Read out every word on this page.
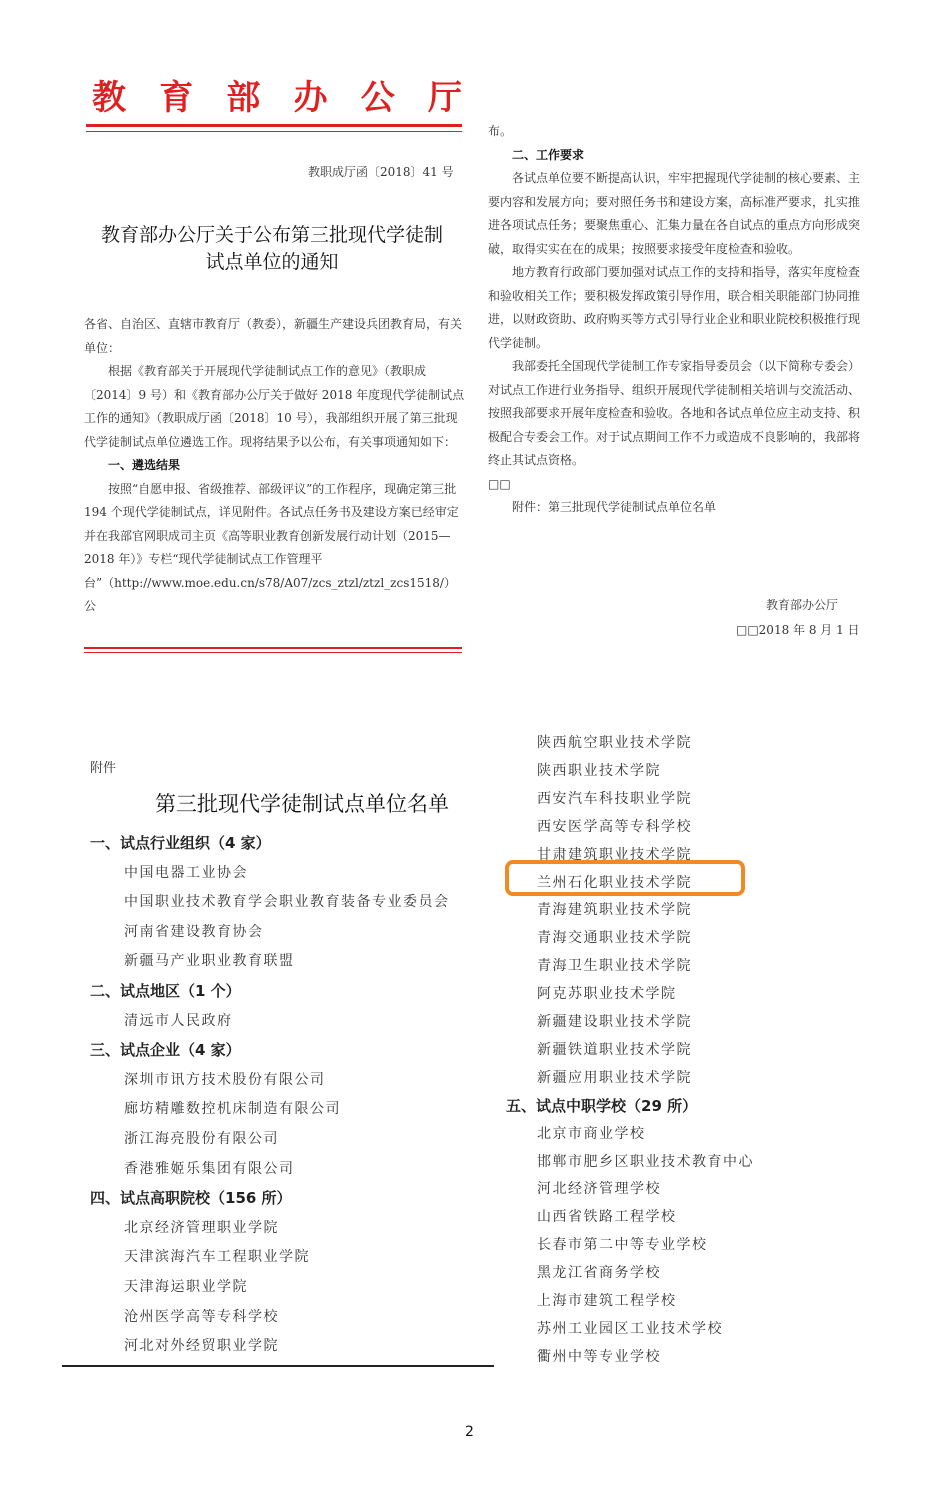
教 育 部 办 公 厅
教职成厅函〔2018〕41 号
教育部办公厅关于公布第三批现代学徒制
试点单位的通知

各省、自治区、直辖市教育厅（教委），新疆生产建设兵团教育局，有关单位：

根据《教育部关于开展现代学徒制试点工作的意见》（教职成〔2014〕9 号）和《教育部办公厅关于做好 2018 年度现代学徒制试点工作的通知》（教职成厅函〔2018〕10 号），我部组织开展了第三批现代学徒制试点单位遴选工作。现将结果予以公布，有关事项通知如下：

一、遴选结果

按照“自愿申报、省级推荐、部级评议”的工作程序，现确定第三批 194 个现代学徒制试点，详见附件。各试点任务书及建设方案已经审定并在我部官网职成司主页《高等职业教育创新发展行动计划（2015—2018 年）》专栏“现代学徒制试点工作管理平台”（http://www.moe.edu.cn/s78/A07/zcs_ztzl/ztzl_zcs1518/）公

布。

二、工作要求

各试点单位要不断提高认识，牢牢把握现代学徒制的核心要素、主要内容和发展方向；要对照任务书和建设方案，高标准严要求，扎实推进各项试点任务；要聚焦重心、汇集力量在各自试点的重点方向形成突破，取得实实在在的成果；按照要求接受年度检查和验收。

地方教育行政部门要加强对试点工作的支持和指导，落实年度检查和验收相关工作；要积极发挥政策引导作用，联合相关职能部门协同推进，以财政资助、政府购买等方式引导行业企业和职业院校积极推行现代学徒制。

我部委托全国现代学徒制工作专家指导委员会（以下简称专委会）对试点工作进行业务指导、组织开展现代学徒制相关培训与交流活动、按照我部要求开展年度检查和验收。各地和各试点单位应主动支持、积极配合专委会工作。对于试点期间工作不力或造成不良影响的，我部将终止其试点资格。

□□

附件：第三批现代学徒制试点单位名单

教育部办公厅
□□2018 年 8 月 1 日
附件
第三批现代学徒制试点单位名单
一、试点行业组织（4 家）
中国电器工业协会
中国职业技术教育学会职业教育装备专业委员会
河南省建设教育协会
新疆马产业职业教育联盟
二、试点地区（1 个）
清远市人民政府
三、试点企业（4 家）
深圳市讯方技术股份有限公司
廊坊精雕数控机床制造有限公司
浙江海亮股份有限公司
香港雅姬乐集团有限公司
四、试点高职院校（156 所）
北京经济管理职业学院
天津滨海汽车工程职业学院
天津海运职业学院
沧州医学高等专科学校
河北对外经贸职业学院
陕西航空职业技术学院
陕西职业技术学院
西安汽车科技职业学院
西安医学高等专科学校
甘肃建筑职业技术学院
兰州石化职业技术学院
青海建筑职业技术学院
青海交通职业技术学院
青海卫生职业技术学院
阿克苏职业技术学院
新疆建设职业技术学院
新疆铁道职业技术学院
新疆应用职业技术学院
五、试点中职学校（29 所）
北京市商业学校
邯郸市肥乡区职业技术教育中心
河北经济管理学校
山西省铁路工程学校
长春市第二中等专业学校
黑龙江省商务学校
上海市建筑工程学校
苏州工业园区工业技术学校
衢州中等专业学校
2
